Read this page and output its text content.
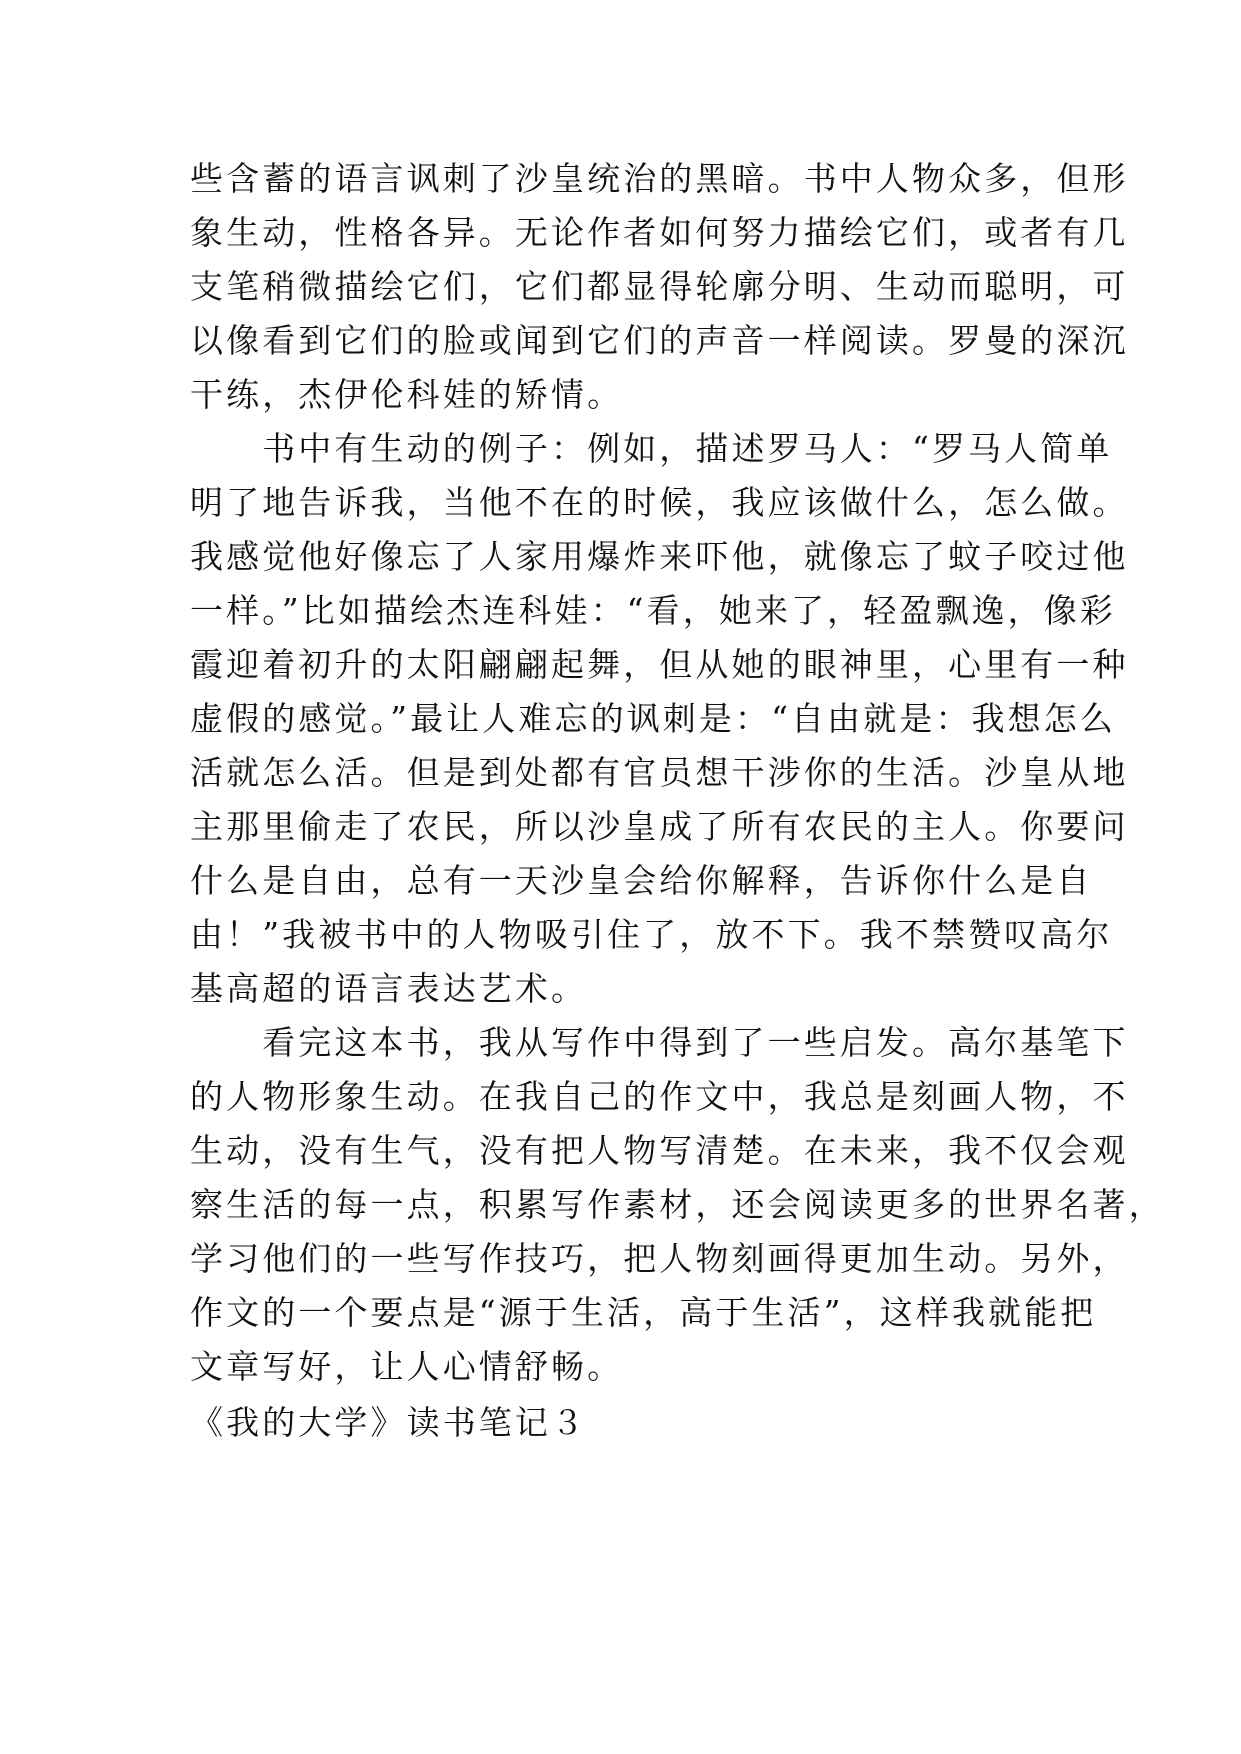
些含蓄的语言讽刺了沙皇统治的黑暗。书中人物众多，但形
象生动，性格各异。无论作者如何努力描绘它们，或者有几
支笔稍微描绘它们，它们都显得轮廓分明、生动而聪明，可
以像看到它们的脸或闻到它们的声音一样阅读。罗曼的深沉
干练，杰伊伦科娃的矫情。
　　书中有生动的例子：例如，描述罗马人：“罗马人简单
明了地告诉我，当他不在的时候，我应该做什么，怎么做。
我感觉他好像忘了人家用爆炸来吓他，就像忘了蚊子咬过他
一样。”比如描绘杰连科娃：“看，她来了，轻盈飘逸，像彩
霞迎着初升的太阳翩翩起舞，但从她的眼神里，心里有一种
虚假的感觉。”最让人难忘的讽刺是：“自由就是：我想怎么
活就怎么活。但是到处都有官员想干涉你的生活。沙皇从地
主那里偷走了农民，所以沙皇成了所有农民的主人。你要问
什么是自由，总有一天沙皇会给你解释，告诉你什么是自
由！”我被书中的人物吸引住了，放不下。我不禁赞叹高尔
基高超的语言表达艺术。
　　看完这本书，我从写作中得到了一些启发。高尔基笔下
的人物形象生动。在我自己的作文中，我总是刻画人物，不
生动，没有生气，没有把人物写清楚。在未来，我不仅会观
察生活的每一点，积累写作素材，还会阅读更多的世界名著，
学习他们的一些写作技巧，把人物刻画得更加生动。另外，
作文的一个要点是“源于生活，高于生活”，这样我就能把
文章写好，让人心情舒畅。
《我的大学》读书笔记３
